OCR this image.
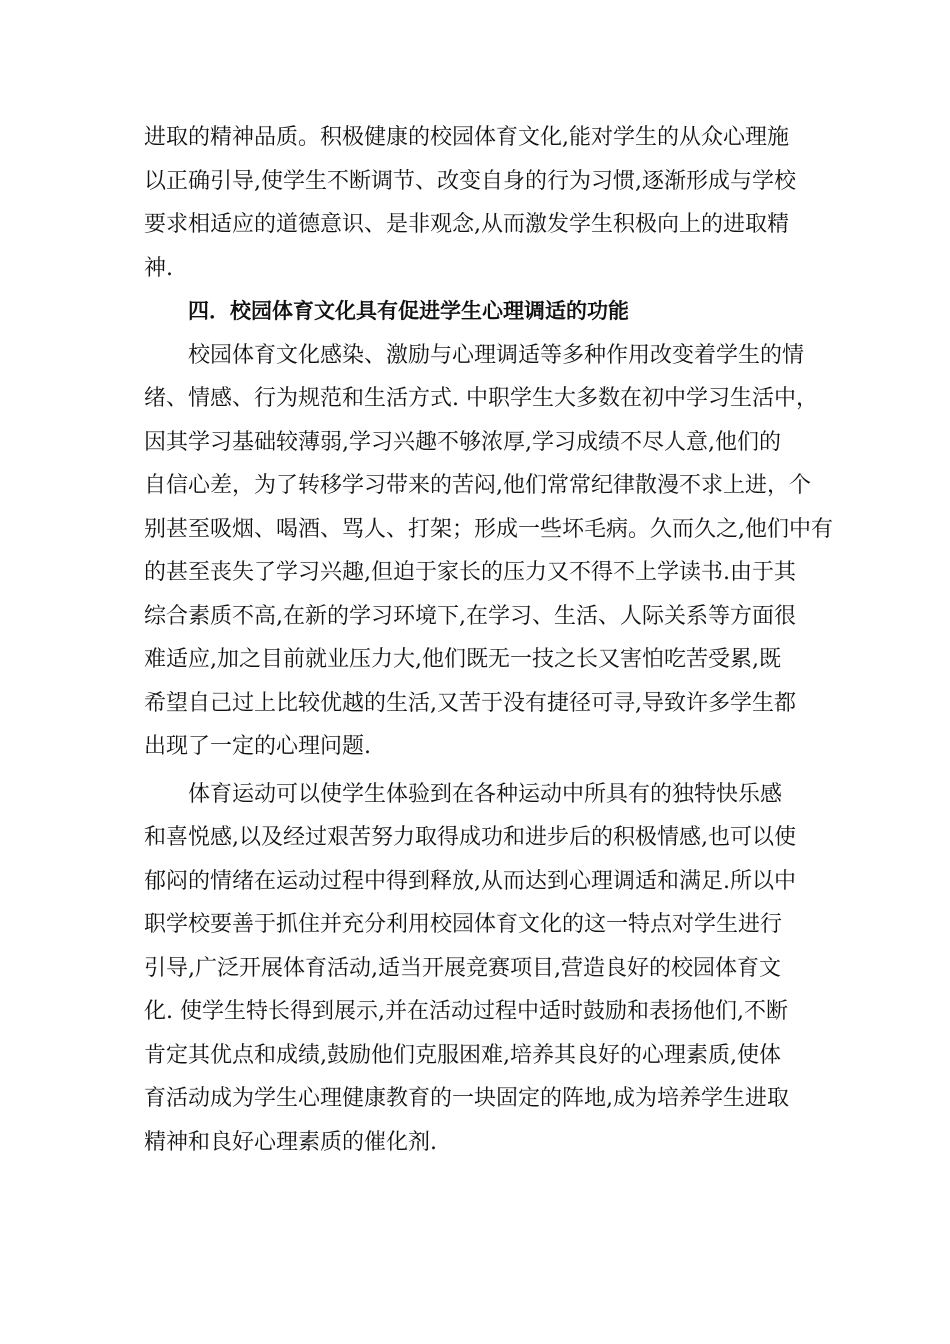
进取的精神品质。积极健康的校园体育文化,能对学生的从众心理施
以正确引导,使学生不断调节、改变自身的行为习惯,逐渐形成与学校
要求相适应的道德意识、是非观念,从而激发学生积极向上的进取精
神.
四．校园体育文化具有促进学生心理调适的功能
校园体育文化感染、激励与心理调适等多种作用改变着学生的情
绪、情感、行为规范和生活方式. 中职学生大多数在初中学习生活中，
因其学习基础较薄弱,学习兴趣不够浓厚,学习成绩不尽人意,他们的
自信心差，为了转移学习带来的苦闷,他们常常纪律散漫不求上进，个
别甚至吸烟、喝酒、骂人、打架；形成一些坏毛病。久而久之,他们中有
的甚至丧失了学习兴趣,但迫于家长的压力又不得不上学读书.由于其
综合素质不高,在新的学习环境下,在学习、生活、人际关系等方面很
难适应,加之目前就业压力大,他们既无一技之长又害怕吃苦受累,既
希望自己过上比较优越的生活,又苦于没有捷径可寻,导致许多学生都
出现了一定的心理问题.
体育运动可以使学生体验到在各种运动中所具有的独特快乐感
和喜悦感,以及经过艰苦努力取得成功和进步后的积极情感,也可以使
郁闷的情绪在运动过程中得到释放,从而达到心理调适和满足.所以中
职学校要善于抓住并充分利用校园体育文化的这一特点对学生进行
引导,广泛开展体育活动,适当开展竞赛项目,营造良好的校园体育文
化. 使学生特长得到展示,并在活动过程中适时鼓励和表扬他们,不断
肯定其优点和成绩,鼓励他们克服困难,培养其良好的心理素质,使体
育活动成为学生心理健康教育的一块固定的阵地,成为培养学生进取
精神和良好心理素质的催化剂.
